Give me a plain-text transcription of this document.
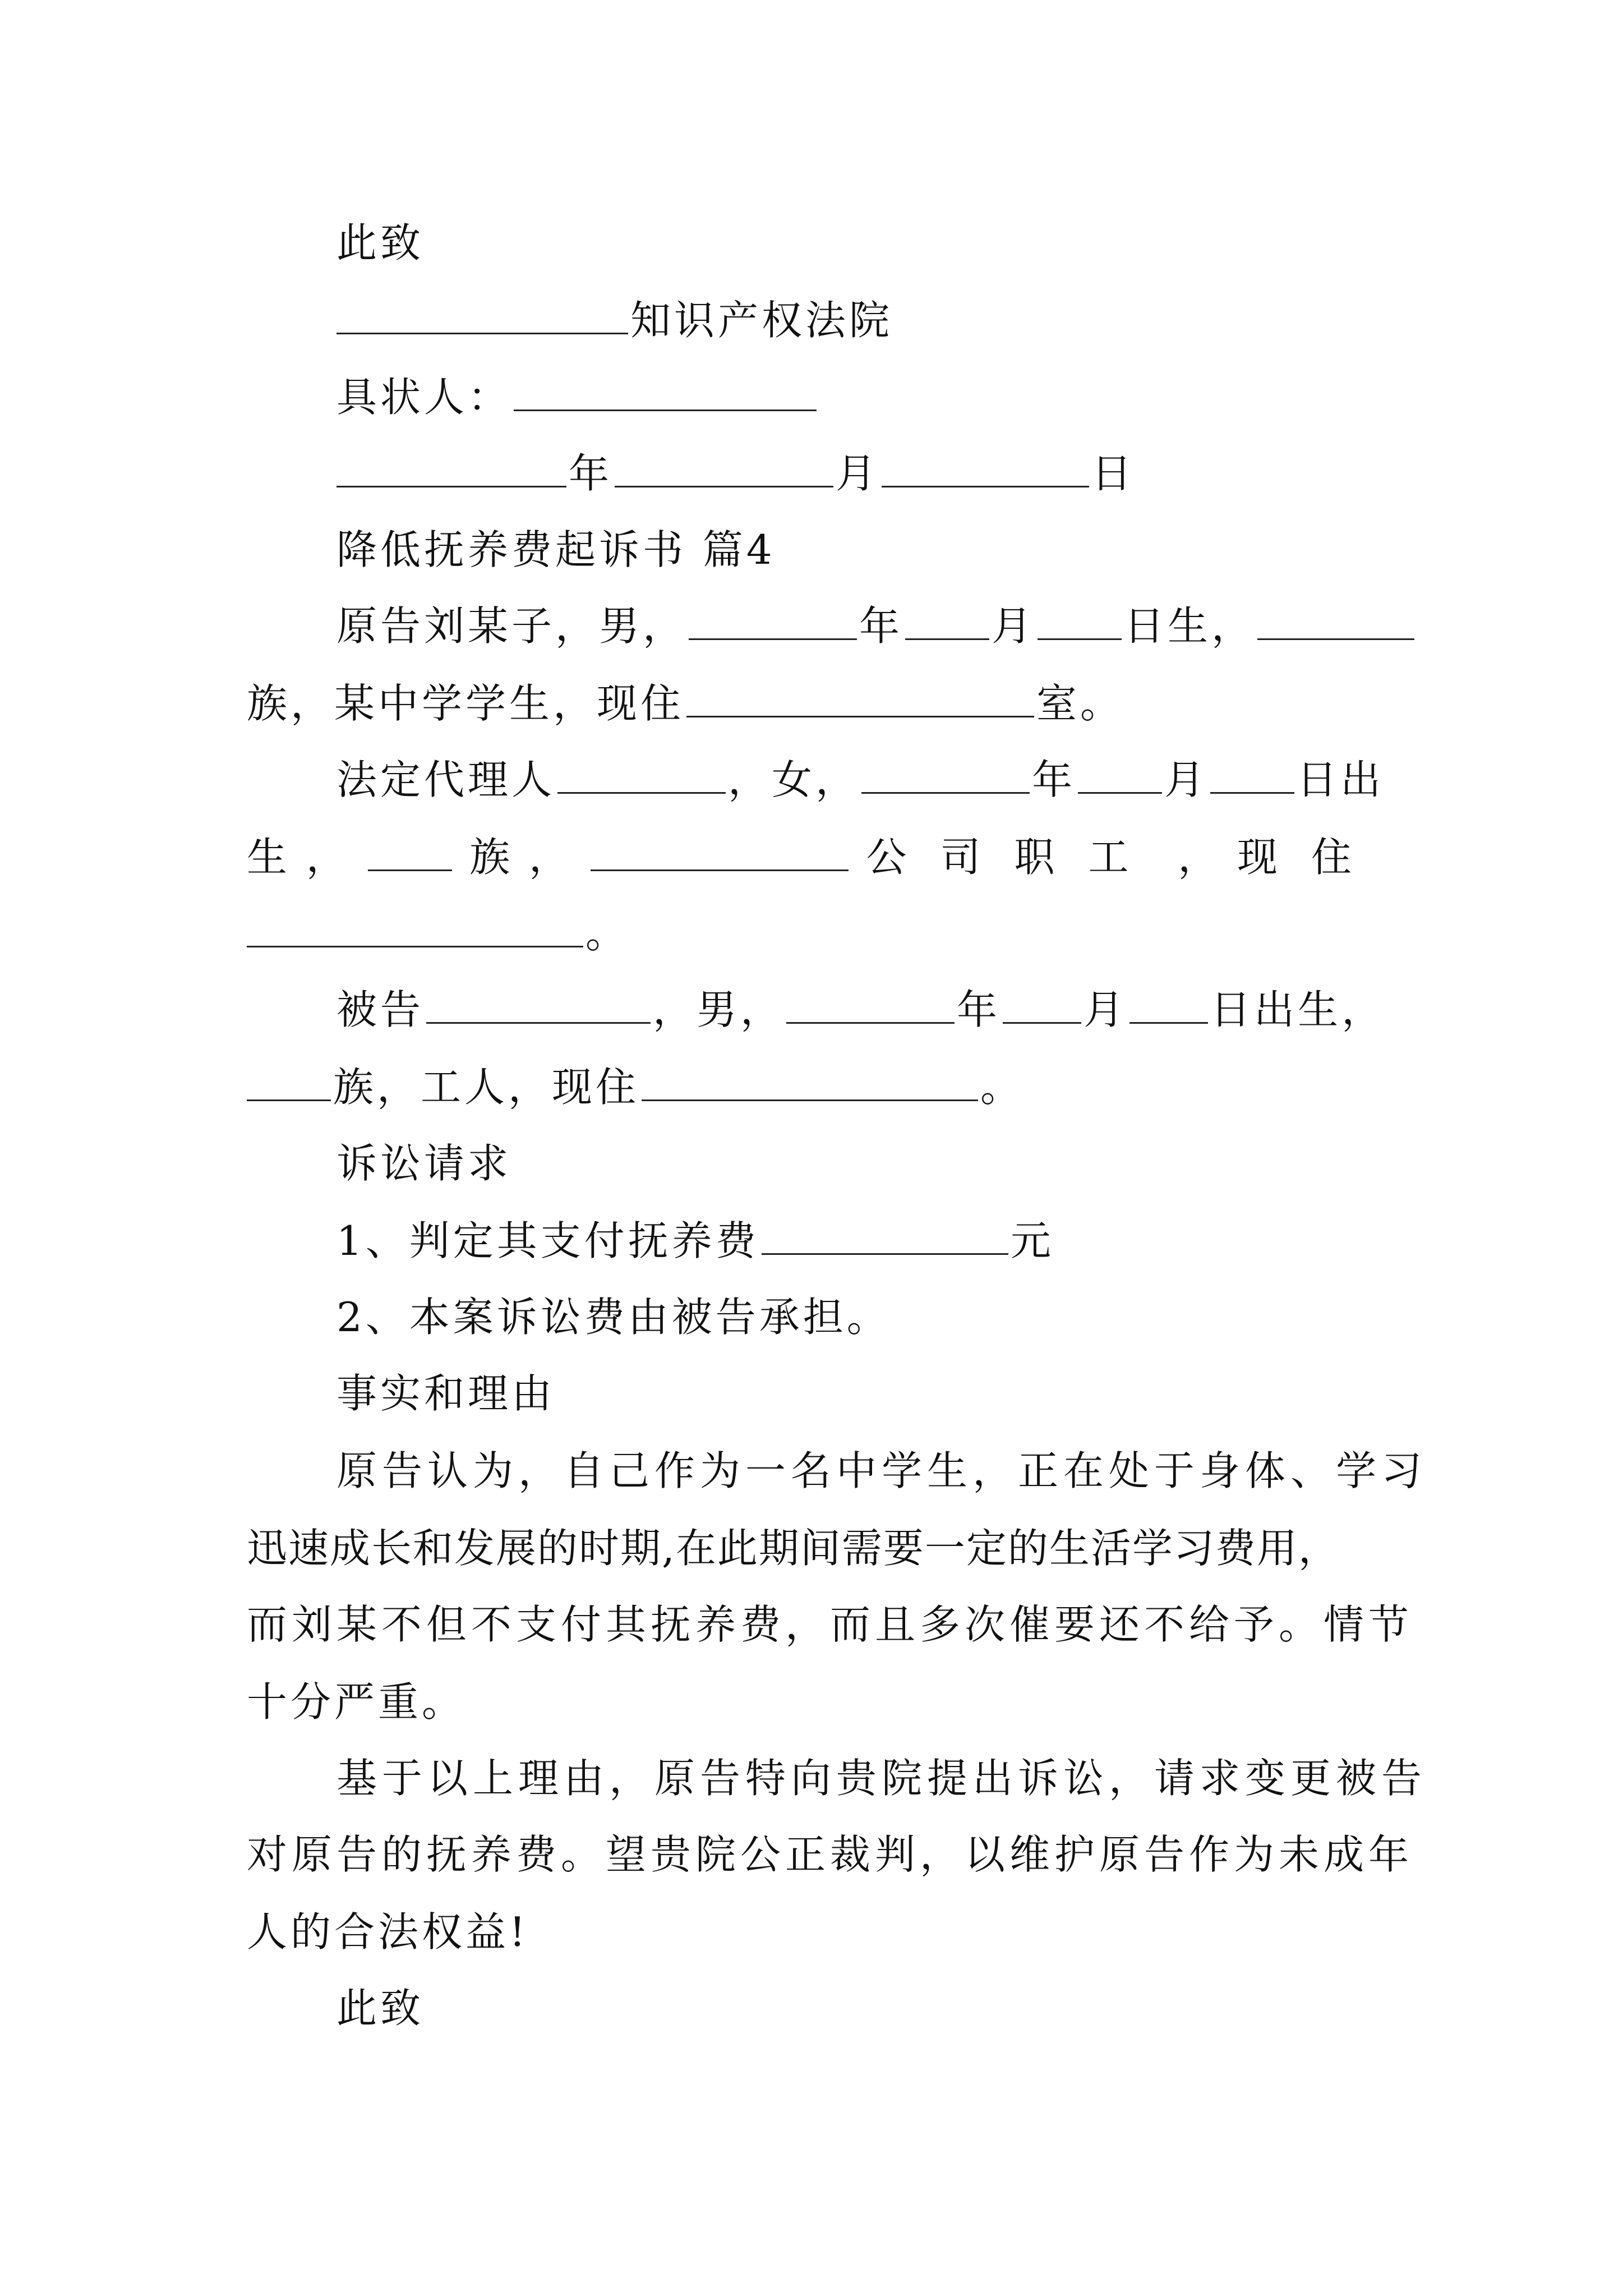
此致
知识产权法院
具状人：
年	月	日
降低抚养费起诉书 篇4
原告刘某子，男，	年 月 日生，
族，某中学学生，现住	室。
法定代理人	，女，	年 月 日出
生 ，	族 ，	公司职工 ， 现住
。
被告	，男，	年 月 日出生，
族，工人，现住	。
诉讼请求
1、判定其支付抚养费	元
2、本案诉讼费由被告承担。
事实和理由
原告认为，自己作为一名中学生，正在处于身体、学习
迅速成长和发展的时期,在此期间需要一定的生活学习费用，
而刘某不但不支付其抚养费，而且多次催要还不给予。情节
十分严重。
基于以上理由，原告特向贵院提出诉讼，请求变更被告
对原告的抚养费。望贵院公正裁判，以维护原告作为未成年
人的合法权益!
此致
